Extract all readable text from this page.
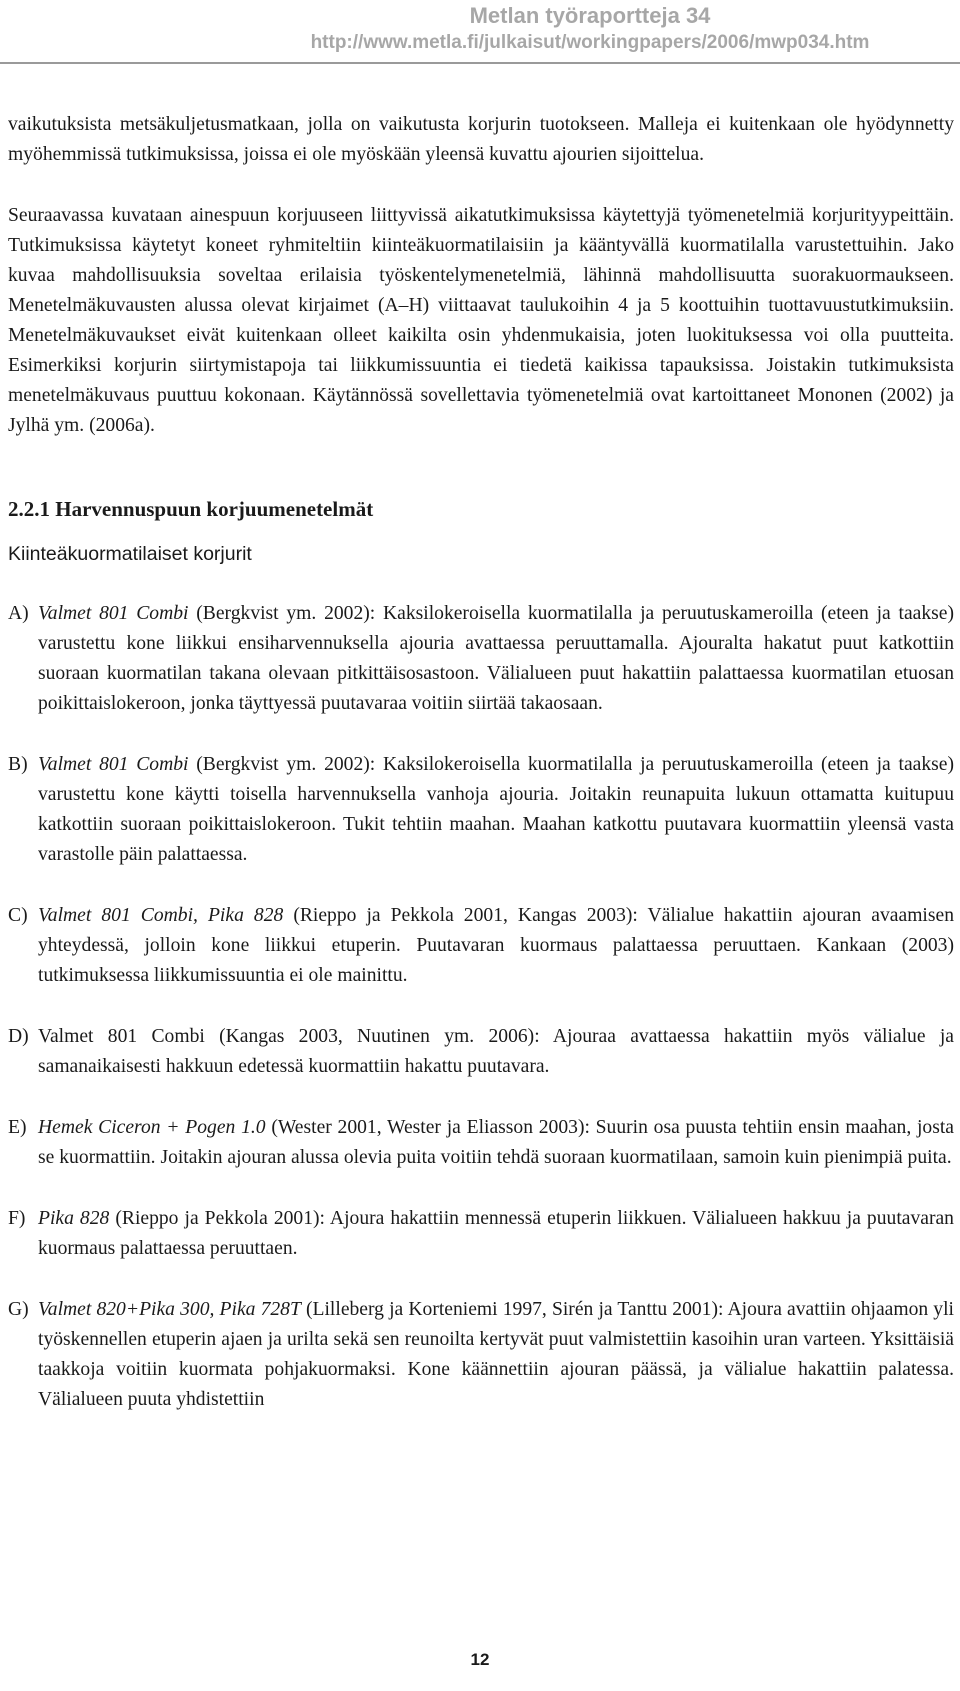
Metlan työraportteja 34
http://www.metla.fi/julkaisut/workingpapers/2006/mwp034.htm

vaikutuksista metsäkuljetusmatkaan, jolla on vaikutusta korjurin tuotokseen. Malleja ei kuitenkaan ole hyödynnetty myöhemmissä tutkimuksissa, joissa ei ole myöskään yleensä kuvattu ajourien sijoittelua.

Seuraavassa kuvataan ainespuun korjuuseen liittyvissä aikatutkimuksissa käytettyjä työmenetelmiä korjurityypeittäin. Tutkimuksissa käytetyt koneet ryhmiteltiin kiinteäkuormatilaisiin ja kääntyvällä kuormatilalla varustettuihin. Jako kuvaa mahdollisuuksia soveltaa erilaisia työskentelymenetelmiä, lähinnä mahdollisuutta suorakuormaukseen. Menetelmäkuvausten alussa olevat kirjaimet (A–H) viittaavat taulukoihin 4 ja 5 koottuihin tuottavuustutkimuksiin. Menetelmäkuvaukset eivät kuitenkaan olleet kaikilta osin yhdenmukaisia, joten luokituksessa voi olla puutteita. Esimerkiksi korjurin siirtymistapoja tai liikkumissuuntia ei tiedetä kaikissa tapauksissa. Joistakin tutkimuksista menetelmäkuvaus puuttuu kokonaan. Käytännössä sovellettavia työmenetelmiä ovat kartoittaneet Mononen (2002) ja Jylhä ym. (2006a).

2.2.1 Harvennuspuun korjuumenetelmät
Kiinteäkuormatilaiset korjurit
A) Valmet 801 Combi (Bergkvist ym. 2002): Kaksilokeroisella kuormatilalla ja peruutuskameroilla (eteen ja taakse) varustettu kone liikkui ensiharvennuksella ajouria avattaessa peruuttamalla. Ajouralta hakatut puut katkottiin suoraan kuormatilan takana olevaan pitkittäisosastoon. Välialueen puut hakattiin palattaessa kuormatilan etuosan poikittaislokeroon, jonka täyttyessä puutavaraa voitiin siirtää takaosaan.
B) Valmet 801 Combi (Bergkvist ym. 2002): Kaksilokeroisella kuormatilalla ja peruutuskameroilla (eteen ja taakse) varustettu kone käytti toisella harvennuksella vanhoja ajouria. Joitakin reunapuita lukuun ottamatta kuitupuu katkottiin suoraan poikittaislokeroon. Tukit tehtiin maahan. Maahan katkottu puutavara kuormattiin yleensä vasta varastolle päin palattaessa.
C) Valmet 801 Combi, Pika 828 (Rieppo ja Pekkola 2001, Kangas 2003): Välialue hakattiin ajouran avaamisen yhteydessä, jolloin kone liikkui etuperin. Puutavaran kuormaus palattaessa peruuttaen. Kankaan (2003) tutkimuksessa liikkumissuuntia ei ole mainittu.
D) Valmet 801 Combi (Kangas 2003, Nuutinen ym. 2006): Ajouraa avattaessa hakattiin myös välialue ja samanaikaisesti hakkuun edetessä kuormattiin hakattu puutavara.
E) Hemek Ciceron + Pogen 1.0 (Wester 2001, Wester ja Eliasson 2003): Suurin osa puusta tehtiin ensin maahan, josta se kuormattiin. Joitakin ajouran alussa olevia puita voitiin tehdä suoraan kuormatilaan, samoin kuin pienimpiä puita.
F) Pika 828 (Rieppo ja Pekkola 2001): Ajoura hakattiin mennessä etuperin liikkuen. Välialueen hakkuu ja puutavaran kuormaus palattaessa peruuttaen.
G) Valmet 820+Pika 300, Pika 728T (Lilleberg ja Korteniemi 1997, Sirén ja Tanttu 2001): Ajoura avattiin ohjaamon yli työskennellen etuperin ajaen ja urilta sekä sen reunoilta kertyvät puut valmistettiin kasoihin uran varteen. Yksittäisiä taakkoja voitiin kuormata pohjakuormaksi. Kone käännettiin ajouran päässä, ja välialue hakattiin palatessa. Välialueen puuta yhdistettiin
12
